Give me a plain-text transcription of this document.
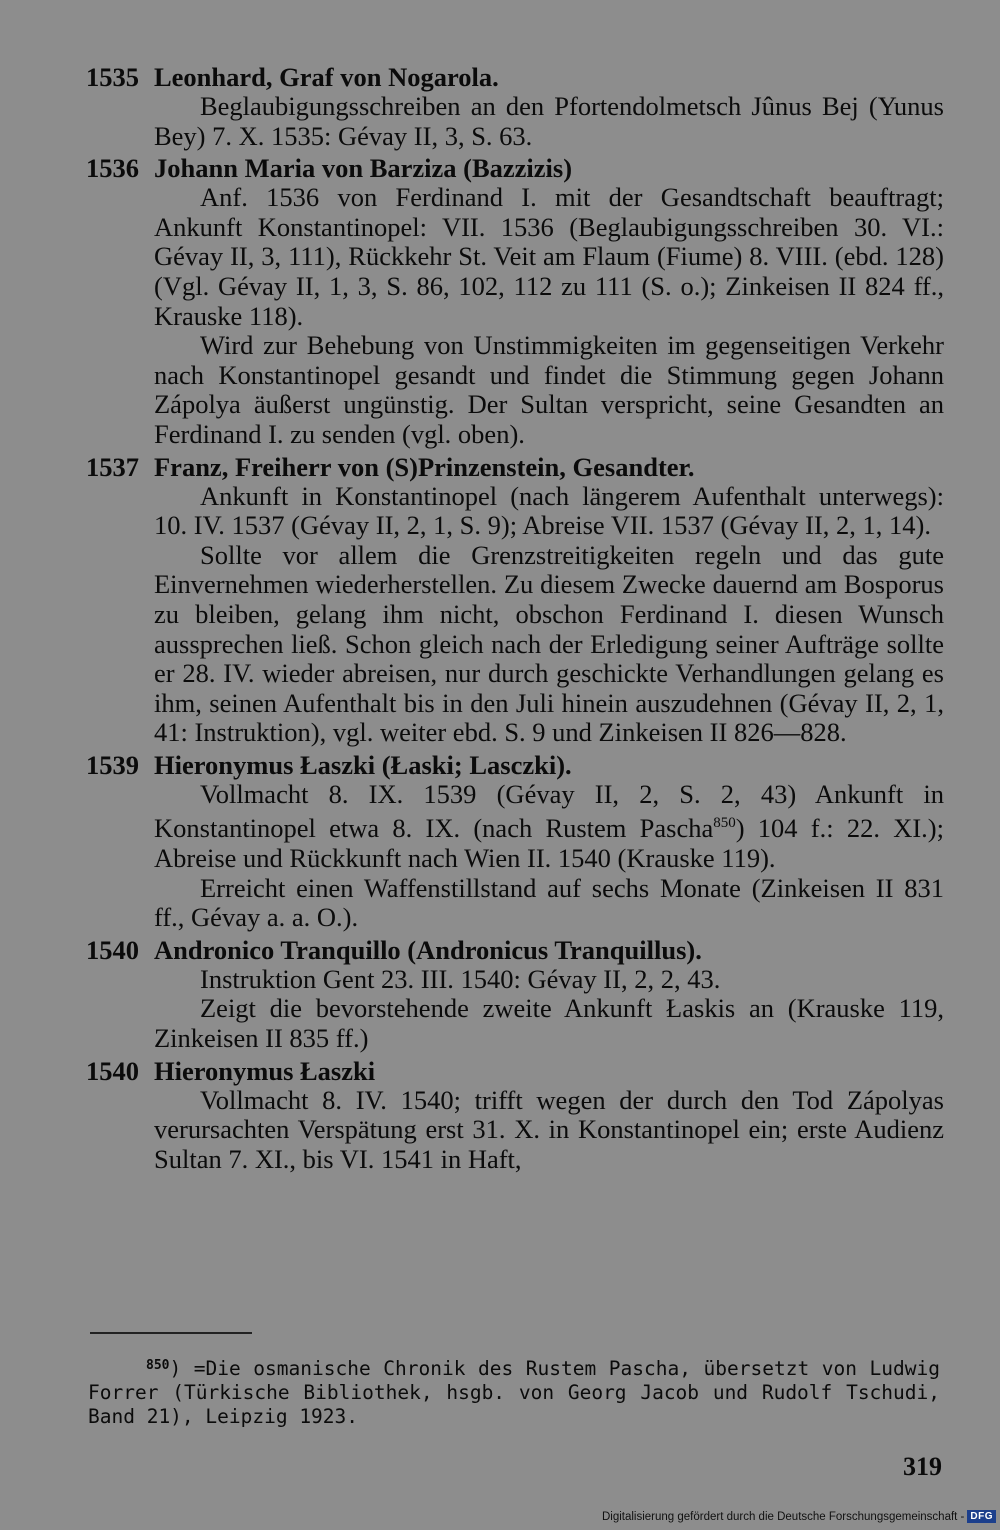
1535 Leonhard, Graf von Nogarola.

Beglaubigungsschreiben an den Pfortendolmetsch Jûnus Bej (Yunus Bey) 7. X. 1535: Gévay II, 3, S. 63.

1536 Johann Maria von Barziza (Bazzizis)

Anf. 1536 von Ferdinand I. mit der Gesandtschaft beauftragt; Ankunft Konstantinopel: VII. 1536 (Beglaubigungsschreiben 30. VI.: Gévay II, 3, 111), Rückkehr St. Veit am Flaum (Fiume) 8. VIII. (ebd. 128) (Vgl. Gévay II, 1, 3, S. 86, 102, 112 zu 111 (S. o.); Zinkeisen II 824 ff., Krauske 118).

Wird zur Behebung von Unstimmigkeiten im gegenseitigen Verkehr nach Konstantinopel gesandt und findet die Stimmung gegen Johann Zápolya äußerst ungünstig. Der Sultan verspricht, seine Gesandten an Ferdinand I. zu senden (vgl. oben).

1537 Franz, Freiherr von (S)Prinzenstein, Gesandter.

Ankunft in Konstantinopel (nach längerem Aufenthalt unterwegs): 10. IV. 1537 (Gévay II, 2, 1, S. 9); Abreise VII. 1537 (Gévay II, 2, 1, 14).

Sollte vor allem die Grenzstreitigkeiten regeln und das gute Einvernehmen wiederherstellen. Zu diesem Zwecke dauernd am Bosporus zu bleiben, gelang ihm nicht, obschon Ferdinand I. diesen Wunsch aussprechen ließ. Schon gleich nach der Erledigung seiner Aufträge sollte er 28. IV. wieder abreisen, nur durch geschickte Verhandlungen gelang es ihm, seinen Aufenthalt bis in den Juli hinein auszudehnen (Gévay II, 2, 1, 41: Instruktion), vgl. weiter ebd. S. 9 und Zinkeisen II 826—828.

1539 Hieronymus Łaszki (Łaski; Lasczki).

Vollmacht 8. IX. 1539 (Gévay II, 2, S. 2, 43) Ankunft in Konstantinopel etwa 8. IX. (nach Rustem Pascha$^{850}$) 104 f.: 22. XI.); Abreise und Rückkunft nach Wien II. 1540 (Krauske 119).

Erreicht einen Waffenstillstand auf sechs Monate (Zinkeisen II 831 ff., Gévay a. a. O.).

1540 Andronico Tranquillo (Andronicus Tranquillus).

Instruktion Gent 23. III. 1540: Gévay II, 2, 2, 43.

Zeigt die bevorstehende zweite Ankunft Łaskis an (Krauske 119, Zinkeisen II 835 ff.)

1540 Hieronymus Łaszki

Vollmacht 8. IV. 1540; trifft wegen der durch den Tod Zápolyas verursachten Verspätung erst 31. X. in Konstantinopel ein; erste Audienz Sultan 7. XI., bis VI. 1541 in Haft,

$^{850}$) =Die osmanische Chronik des Rustem Pascha, übersetzt von Ludwig Forrer (Türkische Bibliothek, hsgb. von Georg Jacob und Rudolf Tschudi, Band 21), Leipzig 1923.
319
Digitalisierung gefördert durch die Deutsche Forschungsgemeinschaft - DFG
